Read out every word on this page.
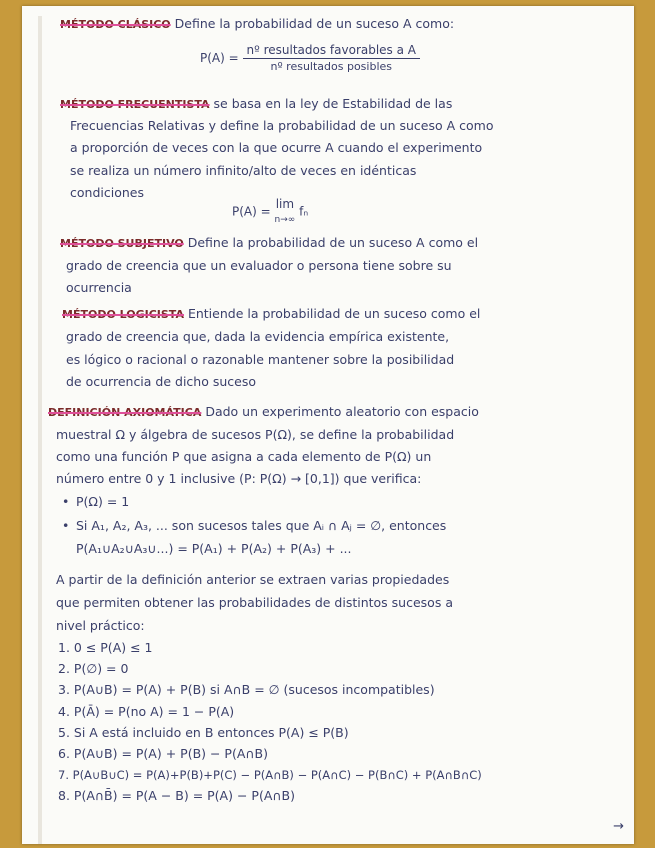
MÉTODO CLÁSICO Define la probabilidad de un suceso A como:
$P(A) = \frac{\text{nº resultados favorables a A}}{\text{nº resultados posibles}}$
MÉTODO FRECUENTISTA se basa en la ley de Estabilidad de las
Frecuencias Relativas y define la probabilidad de un suceso A como
a proporción de veces con la que ocurre A cuando el experimento
se realiza un número infinito/alto de veces en idénticas
condiciones
P(A) = lim
n→∞
fₙ
MÉTODO SUBJETIVO Define la probabilidad de un suceso A como el
grado de creencia que un evaluador o persona tiene sobre su
ocurrencia
MÉTODO LOGICISTA Entiende la probabilidad de un suceso como el
grado de creencia que, dada la evidencia empírica existente,
es lógico o racional o razonable mantener sobre la posibilidad
de ocurrencia de dicho suceso
DEFINICIÓN AXIOMÁTICA Dado un experimento aleatorio con espacio
muestral Ω y álgebra de sucesos P(Ω), se define la probabilidad
como una función P que asigna a cada elemento de P(Ω) un
número entre 0 y 1 inclusive (P: P(Ω) → [0,1]) que verifica:
• P(Ω) = 1
• Si A₁, A₂, A₃, ... son sucesos tales que Aᵢ ∩ Aⱼ = ∅, entonces
P(A₁∪A₂∪A₃∪...) = P(A₁) + P(A₂) + P(A₃) + ...
A partir de la definición anterior se extraen varias propiedades
que permiten obtener las probabilidades de distintos sucesos a
nivel práctico:
1. 0 ≤ P(A) ≤ 1
2. P(∅) = 0
3. P(A∪B) = P(A) + P(B) si A∩B = ∅ (sucesos incompatibles)
4. P(Ā) = P(no A) = 1 − P(A)
5. Si A está incluido en B entonces P(A) ≤ P(B)
6. P(A∪B) = P(A) + P(B) − P(A∩B)
7. P(A∪B∪C) = P(A)+P(B)+P(C) − P(A∩B) − P(A∩C) − P(B∩C) + P(A∩B∩C)
8. P(A∩B̄) = P(A − B) = P(A) − P(A∩B)
→
